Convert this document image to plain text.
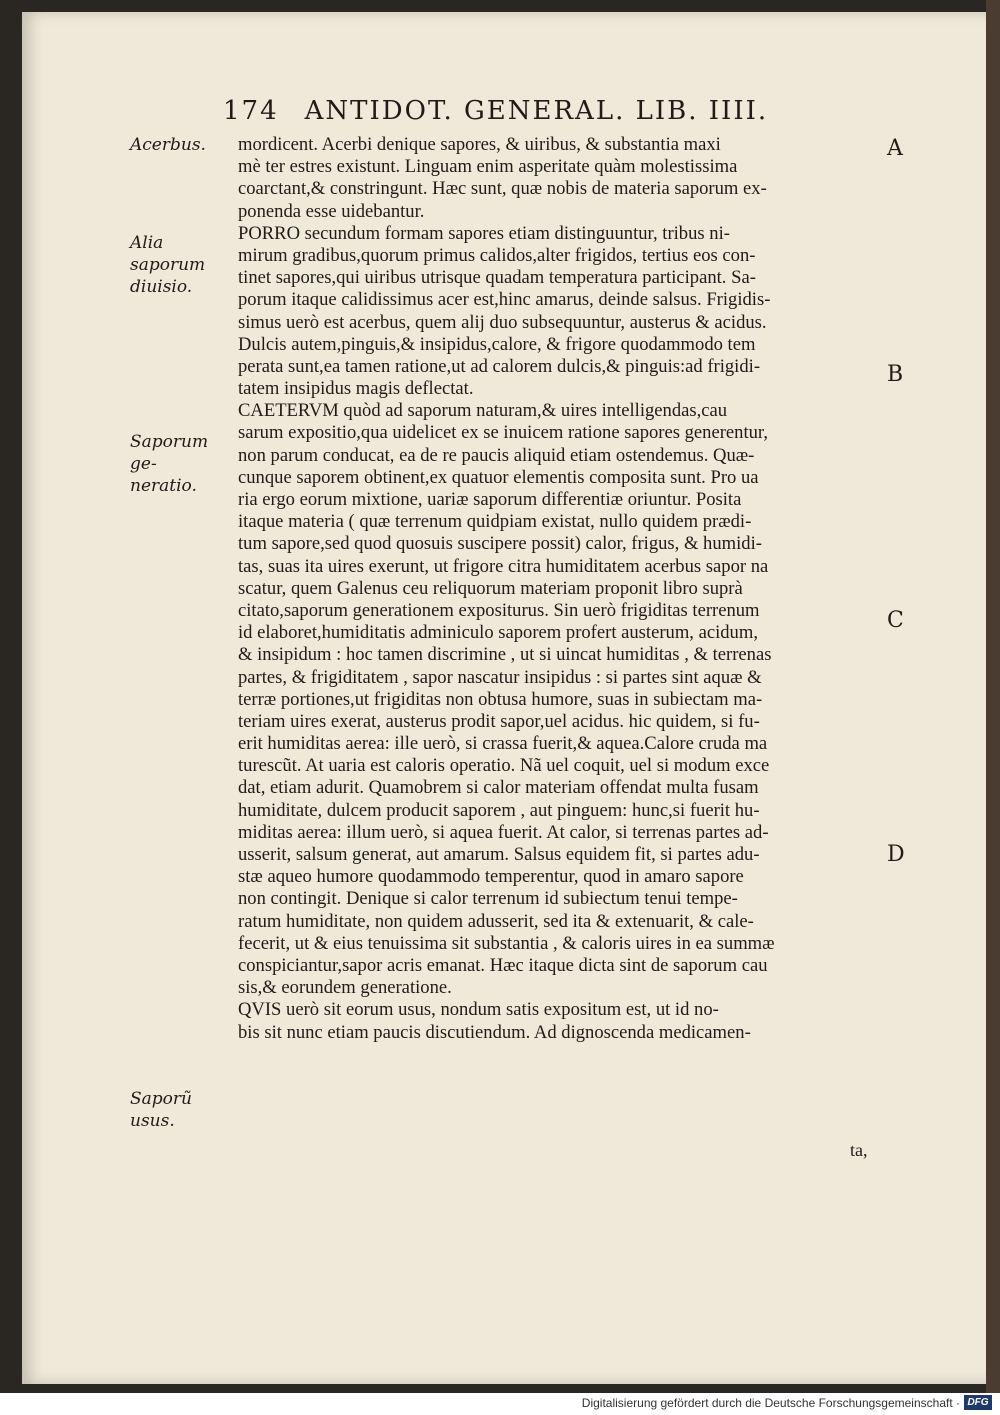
174 ANTIDOT. GENERAL. LIB. IIII.
Acerbus.
Alia saporum
diuisio.
Saporum ge-
neratio.
Saporũ usus.
A
B
C
D
mordicent. Acerbi denique sapores, & uiribus, & substantia maxi
mè ter estres existunt. Linguam enim asperitate quàm molestissima
coarctant,& constringunt. Hæc sunt, quæ nobis de materia saporum ex-
ponenda esse uidebantur.
PORRO secundum formam sapores etiam distinguuntur, tribus ni-
mirum gradibus,quorum primus calidos,alter frigidos, tertius eos con-
tinet sapores,qui uiribus utrisque quadam temperatura participant. Sa-
porum itaque calidissimus acer est,hinc amarus, deinde salsus. Frigidis-
simus uerò est acerbus, quem alij duo subsequuntur, austerus & acidus.
Dulcis autem,pinguis,& insipidus,calore, & frigore quodammodo tem
perata sunt,ea tamen ratione,ut ad calorem dulcis,& pinguis:ad frigidi-
tatem insipidus magis deflectat.
CAETERVM quòd ad saporum naturam,& uires intelligendas,cau
sarum expositio,qua uidelicet ex se inuicem ratione sapores generentur,
non parum conducat, ea de re paucis aliquid etiam ostendemus. Quæ-
cunque saporem obtinent,ex quatuor elementis composita sunt. Pro ua
ria ergo eorum mixtione, uariæ saporum differentiæ oriuntur. Posita
itaque materia ( quæ terrenum quidpiam existat, nullo quidem prædi-
tum sapore,sed quod quosuis suscipere possit) calor, frigus, & humidi-
tas, suas ita uires exerunt, ut frigore citra humiditatem acerbus sapor na
scatur, quem Galenus ceu reliquorum materiam proponit libro suprà
citato,saporum generationem expositurus. Sin uerò frigiditas terrenum
id elaboret,humiditatis adminiculo saporem profert austerum, acidum,
& insipidum : hoc tamen discrimine , ut si uincat humiditas , & terrenas
partes, & frigiditatem , sapor nascatur insipidus : si partes sint aquæ &
terræ portiones,ut frigiditas non obtusa humore, suas in subiectam ma-
teriam uires exerat, austerus prodit sapor,uel acidus. hic quidem, si fu-
erit humiditas aerea: ille uerò, si crassa fuerit,& aquea.Calore cruda ma
turescũt. At uaria est caloris operatio. Nã uel coquit, uel si modum exce
dat, etiam adurit. Quamobrem si calor materiam offendat multa fusam
humiditate, dulcem producit saporem , aut pinguem: hunc,si fuerit hu-
miditas aerea: illum uerò, si aquea fuerit. At calor, si terrenas partes ad-
usserit, salsum generat, aut amarum. Salsus equidem fit, si partes adu-
stæ aqueo humore quodammodo temperentur, quod in amaro sapore
non contingit. Denique si calor terrenum id subiectum tenui tempe-
ratum humiditate, non quidem adusserit, sed ita & extenuarit, & cale-
fecerit, ut & eius tenuissima sit substantia , & caloris uires in ea summæ
conspiciantur,sapor acris emanat. Hæc itaque dicta sint de saporum cau
sis,& eorundem generatione.
QVIS uerò sit eorum usus, nondum satis expositum est, ut id no-
bis sit nunc etiam paucis discutiendum. Ad dignoscenda medicamen-
ta,
Digitalisierung gefördert durch die Deutsche Forschungsgemeinschaft · DFG
